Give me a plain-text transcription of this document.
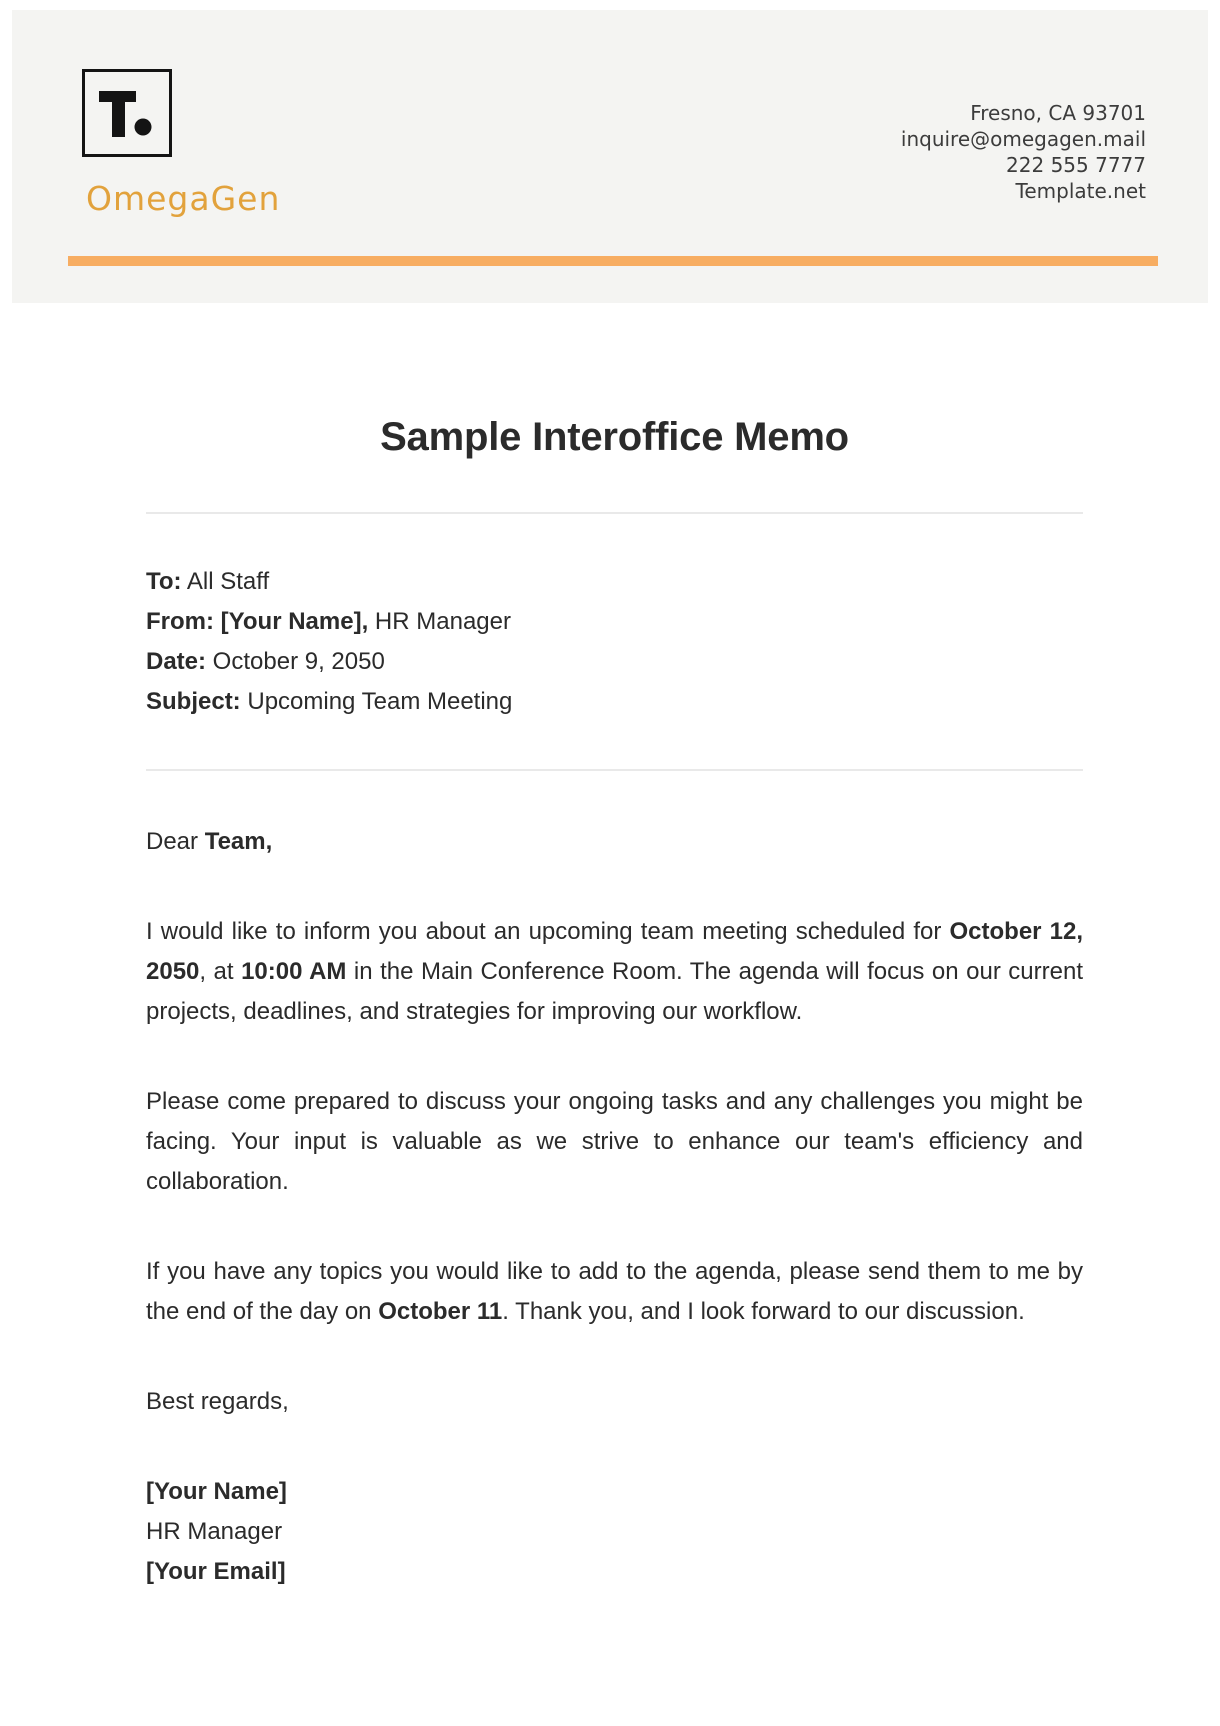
OmegaGen
Fresno, CA 93701
inquire@omegagen.mail
222 555 7777
Template.net
Sample Interoffice Memo
To: All Staff
From: [Your Name], HR Manager
Date: October 9, 2050
Subject: Upcoming Team Meeting

Dear Team,

I would like to inform you about an upcoming team meeting scheduled for October 12,
2050, at 10:00 AM in the Main Conference Room. The agenda will focus on our current
projects, deadlines, and strategies for improving our workflow.
Please come prepared to discuss your ongoing tasks and any challenges you might be
facing. Your input is valuable as we strive to enhance our team's efficiency and
collaboration.
If you have any topics you would like to add to the agenda, please send them to me by
the end of the day on October 11. Thank you, and I look forward to our discussion.

Best regards,

[Your Name]
HR Manager
[Your Email]
